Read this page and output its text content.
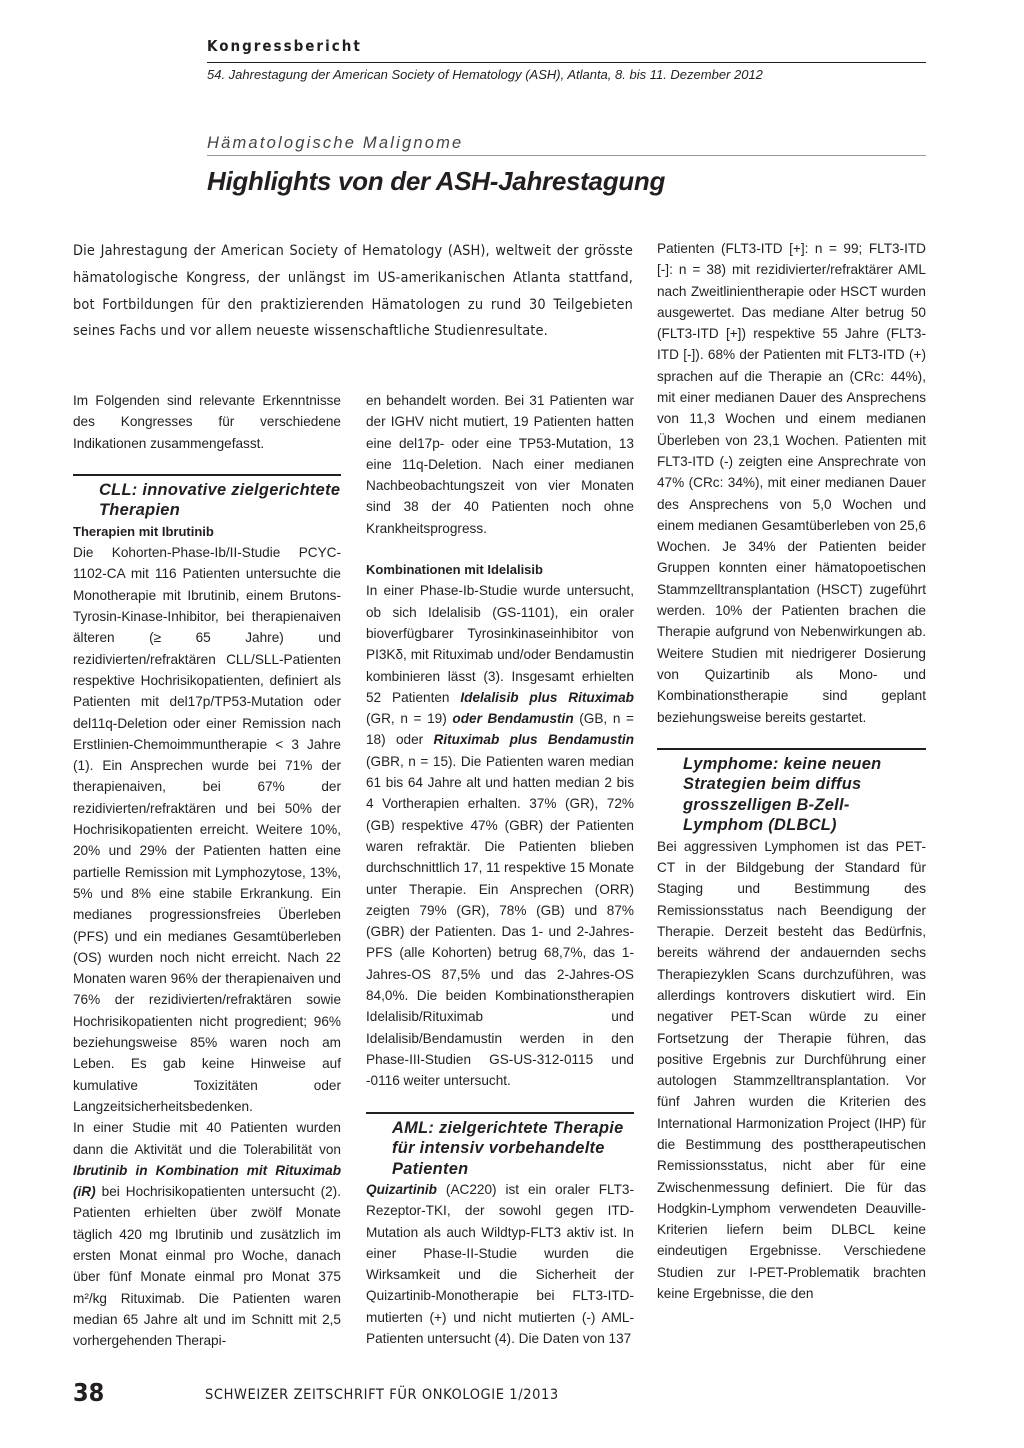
Kongressbericht
54. Jahrestagung der American Society of Hematology (ASH), Atlanta, 8. bis 11. Dezember 2012
Hämatologische Malignome
Highlights von der ASH-Jahrestagung
Die Jahrestagung der American Society of Hematology (ASH), weltweit der grösste hämatologische Kongress, der unlängst im US-amerikanischen Atlanta stattfand, bot Fortbildungen für den praktizierenden Hämatologen zu rund 30 Teilgebieten seines Fachs und vor allem neueste wissenschaftliche Studienresultate.

Im Folgenden sind relevante Erkenntnisse des Kongresses für verschiedene Indikationen zusammengefasst.

CLL: innovative zielgerichtete Therapien
Therapien mit Ibrutinib

Die Kohorten-Phase-Ib/II-Studie PCYC-1102-CA mit 116 Patienten untersuchte die Monotherapie mit Ibrutinib, einem Brutons-Tyrosin-Kinase-Inhibitor, bei therapienaiven älteren (≥ 65 Jahre) und rezidivierten/refraktären CLL/SLL-Patienten respektive Hochrisikopatienten, definiert als Patienten mit del17p/TP53-Mutation oder del11q-Deletion oder einer Remission nach Erstlinien-Chemoimmuntherapie < 3 Jahre (1). Ein Ansprechen wurde bei 71% der therapienaiven, bei 67% der rezidivierten/refraktären und bei 50% der Hochrisikopatienten erreicht. Weitere 10%, 20% und 29% der Patienten hatten eine partielle Remission mit Lymphozytose, 13%, 5% und 8% eine stabile Erkrankung. Ein medianes progressionsfreies Überleben (PFS) und ein medianes Gesamtüberleben (OS) wurden noch nicht erreicht. Nach 22 Monaten waren 96% der therapienaiven und 76% der rezidivierten/refraktären sowie Hochrisikopatienten nicht progredient; 96% beziehungsweise 85% waren noch am Leben. Es gab keine Hinweise auf kumulative Toxizitäten oder Langzeitsicherheitsbedenken.

In einer Studie mit 40 Patienten wurden dann die Aktivität und die Tolerabilität von Ibrutinib in Kombination mit Rituximab (iR) bei Hochrisikopatienten untersucht (2). Patienten erhielten über zwölf Monate täglich 420 mg Ibrutinib und zusätzlich im ersten Monat einmal pro Woche, danach über fünf Monate einmal pro Monat 375 m²/kg Rituximab. Die Patienten waren median 65 Jahre alt und im Schnitt mit 2,5 vorhergehenden Therapi-

en behandelt worden. Bei 31 Patienten war der IGHV nicht mutiert, 19 Patienten hatten eine del17p- oder eine TP53-Mutation, 13 eine 11q-Deletion. Nach einer medianen Nachbeobachtungszeit von vier Monaten sind 38 der 40 Patienten noch ohne Krankheitsprogress.

Kombinationen mit Idelalisib

In einer Phase-Ib-Studie wurde untersucht, ob sich Idelalisib (GS-1101), ein oraler bioverfügbarer Tyrosinkinaseinhibitor von PI3Kδ, mit Rituximab und/oder Bendamustin kombinieren lässt (3). Insgesamt erhielten 52 Patienten Idelalisib plus Rituximab (GR, n = 19) oder Bendamustin (GB, n = 18) oder Rituximab plus Bendamustin (GBR, n = 15). Die Patienten waren median 61 bis 64 Jahre alt und hatten median 2 bis 4 Vortherapien erhalten. 37% (GR), 72% (GB) respektive 47% (GBR) der Patienten waren refraktär. Die Patienten blieben durchschnittlich 17, 11 respektive 15 Monate unter Therapie. Ein Ansprechen (ORR) zeigten 79% (GR), 78% (GB) und 87% (GBR) der Patienten. Das 1- und 2-Jahres-PFS (alle Kohorten) betrug 68,7%, das 1-Jahres-OS 87,5% und das 2-Jahres-OS 84,0%. Die beiden Kombinationstherapien Idelalisib/Rituximab und Idelalisib/Bendamustin werden in den Phase-III-Studien GS-US-312-0115 und -0116 weiter untersucht.

AML: zielgerichtete Therapie für intensiv vorbehandelte Patienten

Quizartinib (AC220) ist ein oraler FLT3-Rezeptor-TKI, der sowohl gegen ITD-Mutation als auch Wildtyp-FLT3 aktiv ist. In einer Phase-II-Studie wurden die Wirksamkeit und die Sicherheit der Quizartinib-Monotherapie bei FLT3-ITD-mutierten (+) und nicht mutierten (-) AML-Patienten untersucht (4). Die Daten von 137

Patienten (FLT3-ITD [+]: n = 99; FLT3-ITD [-]: n = 38) mit rezidivierter/refraktärer AML nach Zweitlinientherapie oder HSCT wurden ausgewertet. Das mediane Alter betrug 50 (FLT3-ITD [+]) respektive 55 Jahre (FLT3-ITD [-]). 68% der Patienten mit FLT3-ITD (+) sprachen auf die Therapie an (CRc: 44%), mit einer medianen Dauer des Ansprechens von 11,3 Wochen und einem medianen Überleben von 23,1 Wochen. Patienten mit FLT3-ITD (-) zeigten eine Ansprechrate von 47% (CRc: 34%), mit einer medianen Dauer des Ansprechens von 5,0 Wochen und einem medianen Gesamtüberleben von 25,6 Wochen. Je 34% der Patienten beider Gruppen konnten einer hämatopoetischen Stammzelltransplantation (HSCT) zugeführt werden. 10% der Patienten brachen die Therapie aufgrund von Nebenwirkungen ab. Weitere Studien mit niedrigerer Dosierung von Quizartinib als Mono- und Kombinationstherapie sind geplant beziehungsweise bereits gestartet.

Lymphome: keine neuen Strategien beim diffus grosszelligen B-Zell-Lymphom (DLBCL)

Bei aggressiven Lymphomen ist das PET-CT in der Bildgebung der Standard für Staging und Bestimmung des Remissionsstatus nach Beendigung der Therapie. Derzeit besteht das Bedürfnis, bereits während der andauernden sechs Therapiezyklen Scans durchzuführen, was allerdings kontrovers diskutiert wird. Ein negativer PET-Scan würde zu einer Fortsetzung der Therapie führen, das positive Ergebnis zur Durchführung einer autologen Stammzelltransplantation. Vor fünf Jahren wurden die Kriterien des International Harmonization Project (IHP) für die Bestimmung des posttherapeutischen Remissionsstatus, nicht aber für eine Zwischenmessung definiert. Die für das Hodgkin-Lymphom verwendeten Deauville-Kriterien liefern beim DLBCL keine eindeutigen Ergebnisse. Verschiedene Studien zur I-PET-Problematik brachten keine Ergebnisse, die den

38	SCHWEIZER ZEITSCHRIFT FÜR ONKOLOGIE 1/2013
